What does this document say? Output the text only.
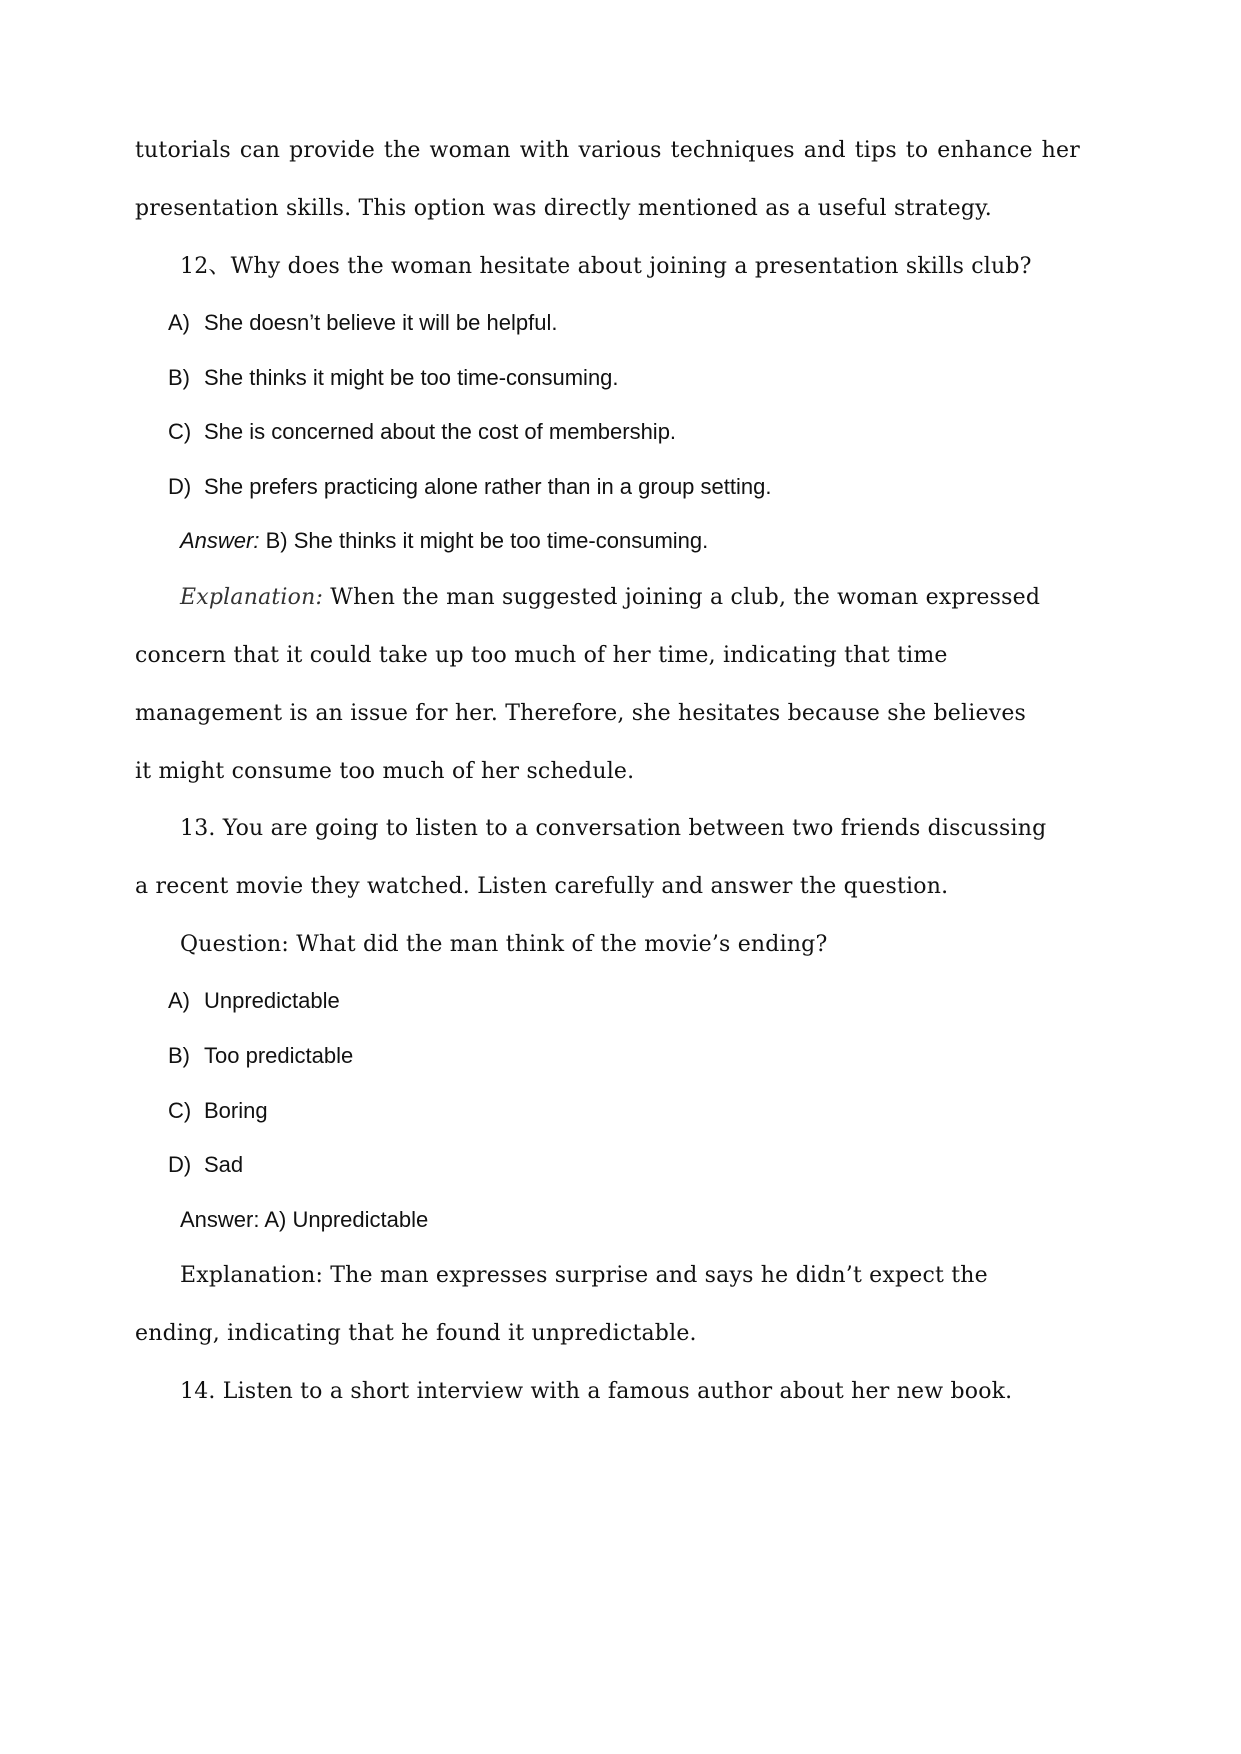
tutorials can provide the woman with various techniques and tips to enhance her
presentation skills. This option was directly mentioned as a useful strategy.
12、Why does the woman hesitate about joining a presentation skills club?
A) She doesn’t believe it will be helpful.
B) She thinks it might be too time-consuming.
C) She is concerned about the cost of membership.
D) She prefers practicing alone rather than in a group setting.
Answer: B) She thinks it might be too time-consuming.
Explanation: When the man suggested joining a club, the woman expressed
concern that it could take up too much of her time, indicating that time
management is an issue for her. Therefore, she hesitates because she believes
it might consume too much of her schedule.
13. You are going to listen to a conversation between two friends discussing
a recent movie they watched. Listen carefully and answer the question.
Question: What did the man think of the movie’s ending?
A) Unpredictable
B) Too predictable
C) Boring
D) Sad
Answer: A) Unpredictable
Explanation: The man expresses surprise and says he didn’t expect the
ending, indicating that he found it unpredictable.
14. Listen to a short interview with a famous author about her new book.
